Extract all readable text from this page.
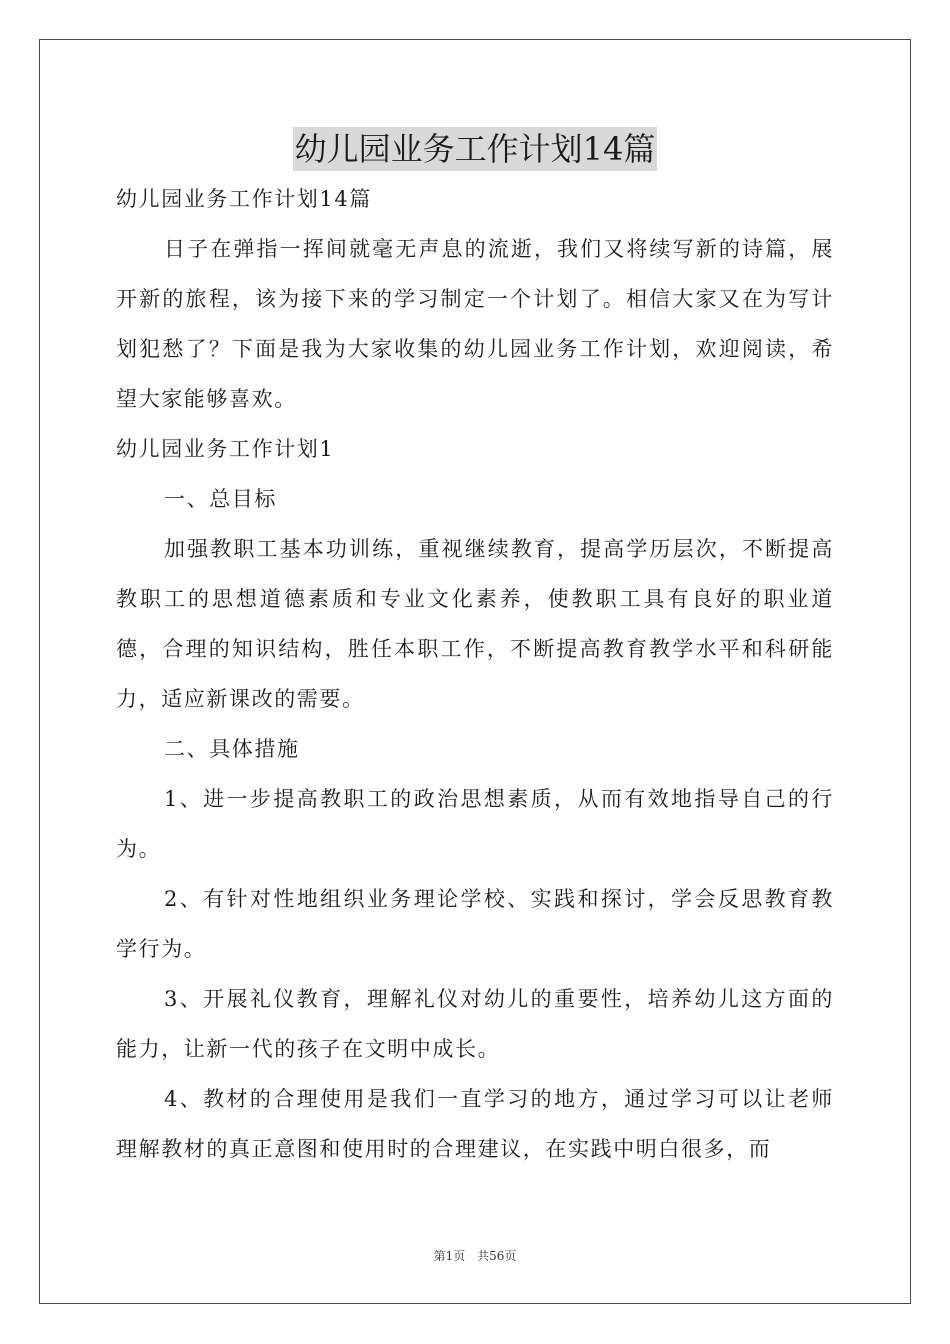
幼儿园业务工作计划14篇

幼儿园业务工作计划14篇

日子在弹指一挥间就毫无声息的流逝，我们又将续写新的诗篇，展开新的旅程，该为接下来的学习制定一个计划了。相信大家又在为写计划犯愁了？下面是我为大家收集的幼儿园业务工作计划，欢迎阅读，希望大家能够喜欢。

幼儿园业务工作计划1

一、总目标

加强教职工基本功训练，重视继续教育，提高学历层次，不断提高教职工的思想道德素质和专业文化素养，使教职工具有良好的职业道德，合理的知识结构，胜任本职工作，不断提高教育教学水平和科研能力，适应新课改的需要。

二、具体措施

1、进一步提高教职工的政治思想素质，从而有效地指导自己的行为。

2、有针对性地组织业务理论学校、实践和探讨，学会反思教育教学行为。

3、开展礼仪教育，理解礼仪对幼儿的重要性，培养幼儿这方面的能力，让新一代的孩子在文明中成长。

4、教材的合理使用是我们一直学习的地方，通过学习可以让老师理解教材的真正意图和使用时的合理建议，在实践中明白很多，而

第1页 共56页
